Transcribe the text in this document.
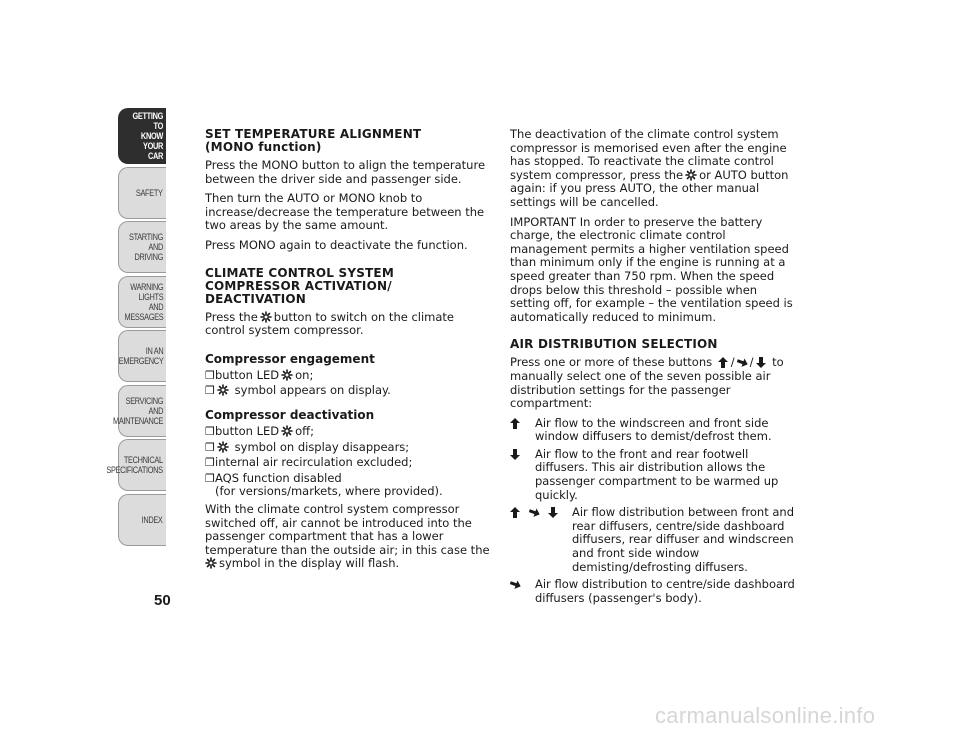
GETTING TO
KNOW YOUR CAR
SAFETY
STARTING AND
DRIVING
WARNING LIGHTS
AND MESSAGES
IN AN EMERGENCY
SERVICING AND
MAINTENANCE
TECHNICAL
SPECIFICATIONS
INDEX
50
SET TEMPERATURE ALIGNMENT
(MONO function)

Press the MONO button to align the temperature between the driver side and passenger side.

Then turn the AUTO or MONO knob to increase/decrease the temperature between the two areas by the same amount.

Press MONO again to deactivate the function.

CLIMATE CONTROL SYSTEM
COMPRESSOR ACTIVATION/
DEACTIVATION

Press the button to switch on the climate control system compressor.

Compressor engagement
❒ button LED on;
❒	symbol appears on display.
Compressor deactivation
❒ button LED off;
❒	symbol on display disappears;
❒ internal air recirculation excluded;
❒ AQS function disabled
(for versions/markets, where provided).

With the climate control system compressor switched off, air cannot be introduced into the passenger compartment that has a lower temperature than the outside air; in this case the
symbol in the display will flash.

The deactivation of the climate control system compressor is memorised even after the engine has stopped. To reactivate the climate control system compressor, press the or AUTO button again: if you press AUTO, the other manual settings will be cancelled.

IMPORTANT In order to preserve the battery charge, the electronic climate control management permits a higher ventilation speed than minimum only if the engine is running at a speed greater than 750 rpm. When the speed drops below this threshold – possible when setting off, for example – the ventilation speed is automatically reduced to minimum.

AIR DISTRIBUTION SELECTION

Press one or more of these buttons / / to manually select one of the seven possible air distribution settings for the passenger compartment:

Air flow to the windscreen and front side window diffusers to demist/defrost them.
Air flow to the front and rear footwell diffusers. This air distribution allows the passenger compartment to be warmed up quickly.
Air flow distribution between front and rear diffusers, centre/side dashboard diffusers, rear diffuser and windscreen and front side window demisting/defrosting diffusers.
Air flow distribution to centre/side dashboard diffusers (passenger's body).
carmanualsonline.info
